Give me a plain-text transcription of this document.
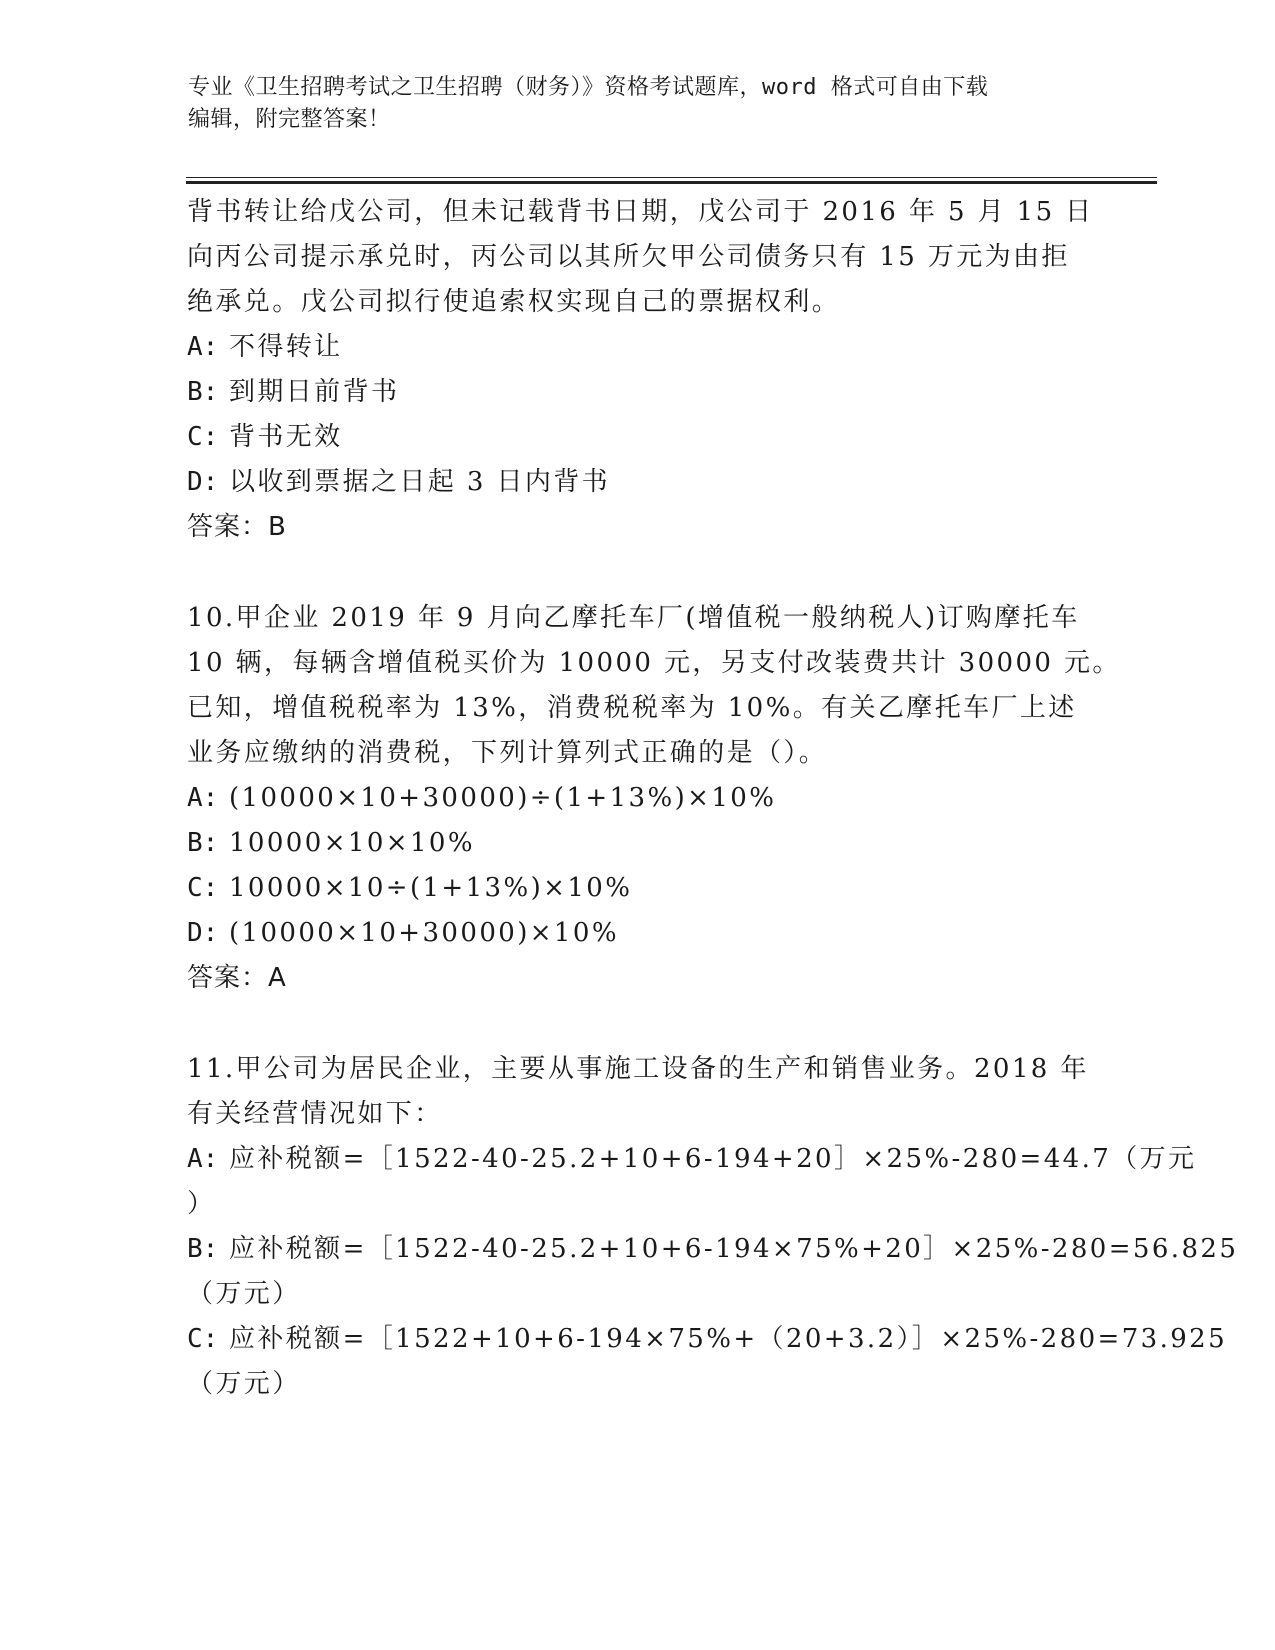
专业《卫生招聘考试之卫生招聘（财务）》资格考试题库，word 格式可自由下载
编辑，附完整答案！
背书转让给戊公司，但未记载背书日期，戊公司于 2016 年 5 月 15 日
向丙公司提示承兑时，丙公司以其所欠甲公司债务只有 15 万元为由拒
绝承兑。戊公司拟行使追索权实现自己的票据权利。
A: 不得转让
B: 到期日前背书
C: 背书无效
D: 以收到票据之日起 3 日内背书
答案：B
10.甲企业 2019 年 9 月向乙摩托车厂(增值税一般纳税人)订购摩托车
10 辆，每辆含增值税买价为 10000 元，另支付改装费共计 30000 元。
已知，增值税税率为 13%，消费税税率为 10%。有关乙摩托车厂上述
业务应缴纳的消费税，下列计算列式正确的是（）。
A: (10000×10+30000)÷(1+13%)×10%
B: 10000×10×10%
C: 10000×10÷(1+13%)×10%
D: (10000×10+30000)×10%
答案：A
11.甲公司为居民企业，主要从事施工设备的生产和销售业务。2018 年
有关经营情况如下：
A: 应补税额=［1522-40-25.2+10+6-194+20］×25%-280=44.7（万元
）
B: 应补税额=［1522-40-25.2+10+6-194×75%+20］×25%-280=56.825
（万元）
C: 应补税额=［1522+10+6-194×75%+（20+3.2）］×25%-280=73.925
（万元）
